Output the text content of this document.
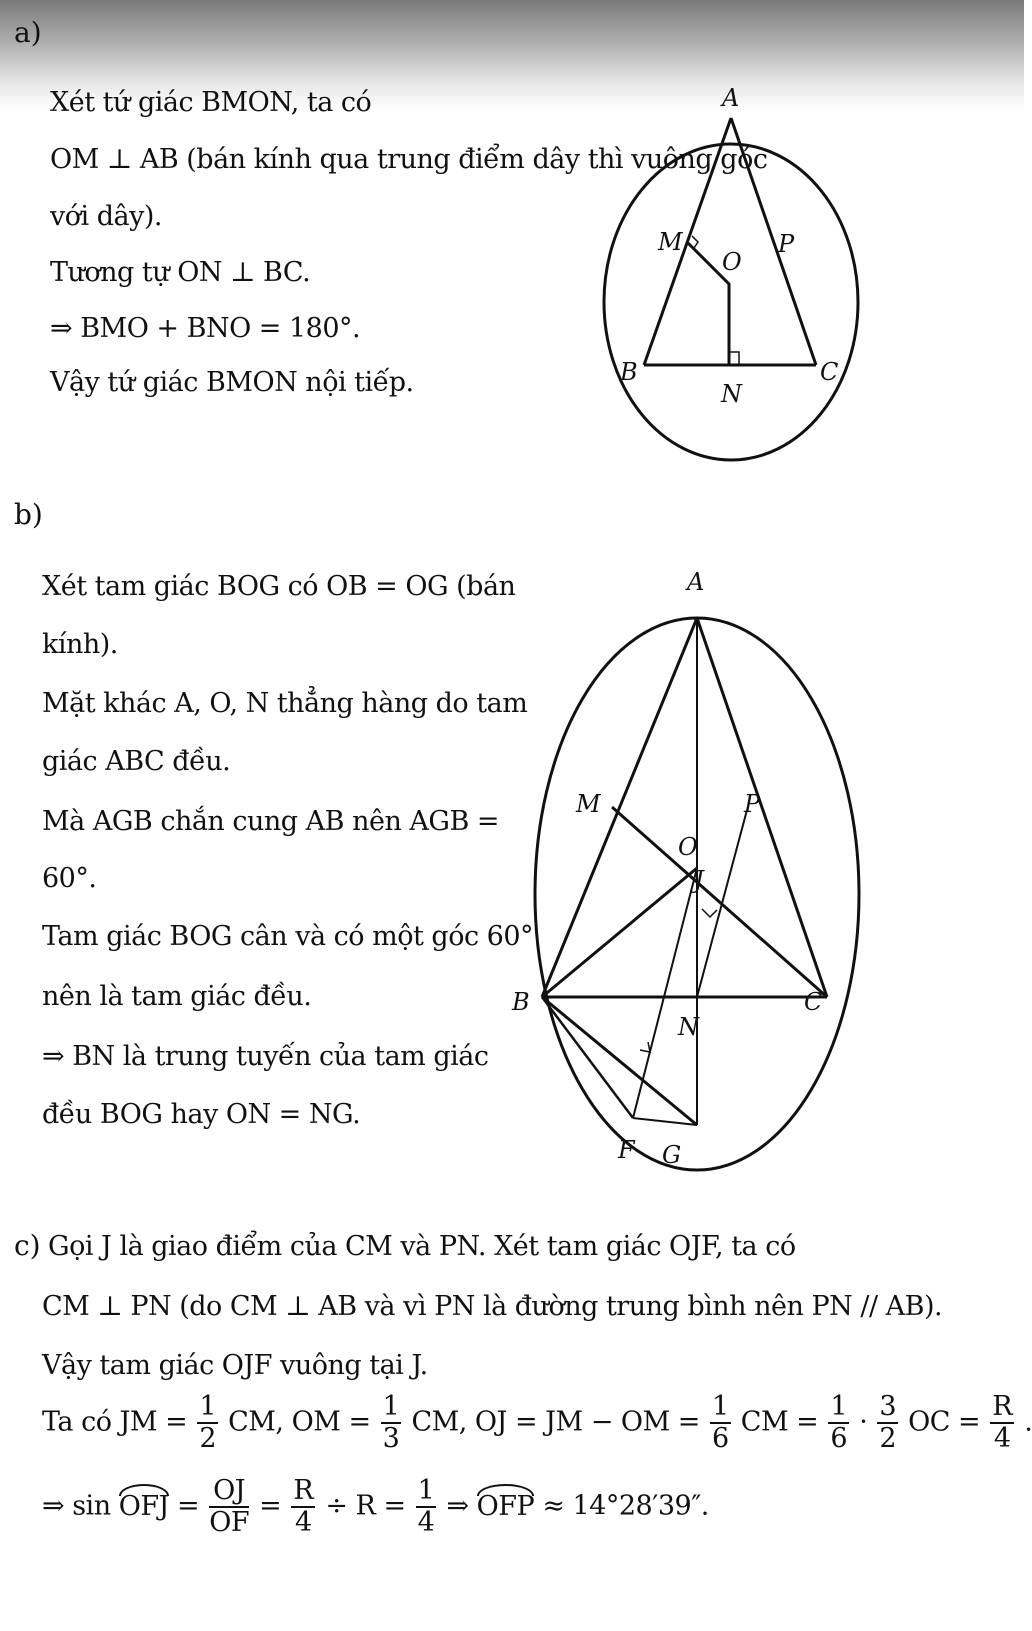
a)
Xét tứ giác BMON, ta có
OM ⊥ AB (bán kính qua trung điểm dây thì vuông góc
với dây).
Tương tự ON ⊥ BC.
⇒ BMO + BNO = 180°.
Vậy tứ giác BMON nội tiếp.
A
M
O
P
B
N
C
b)
Xét tam giác BOG có OB = OG (bán
kính).
Mặt khác A, O, N thẳng hàng do tam
giác ABC đều.
Mà AGB chắn cung AB nên AGB =
60°.
Tam giác BOG cân và có một góc 60°
nên là tam giác đều.
⇒ BN là trung tuyến của tam giác
đều BOG hay ON = NG.
A
M	P
O
J
B	C
N
F G
c) Gọi J là giao điểm của CM và PN. Xét tam giác OJF, ta có
CM ⊥ PN (do CM ⊥ AB và vì PN là đường trung bình nên PN // AB).
Vậy tam giác OJF vuông tại J.
Ta có JM = $\frac{1}{2}$ CM, OM = $\frac{1}{3}$ CM, OJ = JM − OM = $\frac{1}{6}$ CM = $\frac{1}{6} \cdot \frac{3}{2}$ OC = $\frac{R}{4}$ .
⇒ sin OFJ = $\frac{OJ}{OF} = \frac{R}{4} \div R = \frac{1}{4}$ ⇒ OFP ≈ 14°28′39″.
